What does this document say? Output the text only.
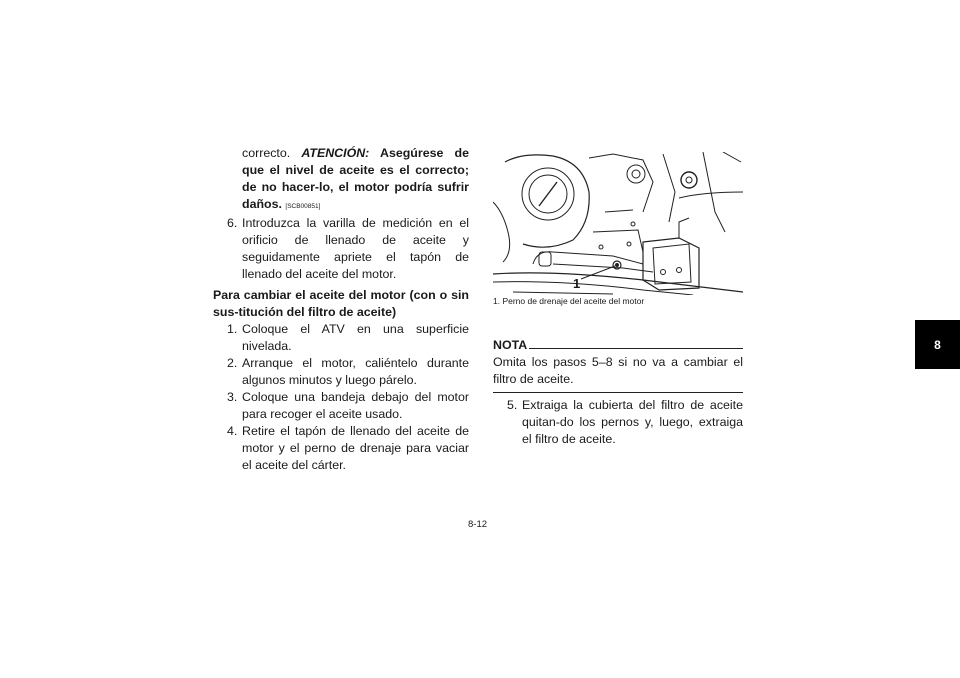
correcto. ATENCIÓN: Asegúrese de que el nivel de aceite es el correcto; de no hacer-lo, el motor podría sufrir daños. [SCB00851]
6. Introduzca la varilla de medición en el orificio de llenado de aceite y seguidamente apriete el tapón de llenado del aceite del motor.
Para cambiar el aceite del motor (con o sin sus-titución del filtro de aceite)
1. Coloque el ATV en una superficie nivelada.
2. Arranque el motor, caliéntelo durante algunos minutos y luego párelo.
3. Coloque una bandeja debajo del motor para recoger el aceite usado.
4. Retire el tapón de llenado del aceite de motor y el perno de drenaje para vaciar el aceite del cárter.
1
1. Perno de drenaje del aceite del motor
NOTA
Omita los pasos 5–8 si no va a cambiar el filtro de aceite.
5. Extraiga la cubierta del filtro de aceite quitan-do los pernos y, luego, extraiga el filtro de aceite.
8-12
8
